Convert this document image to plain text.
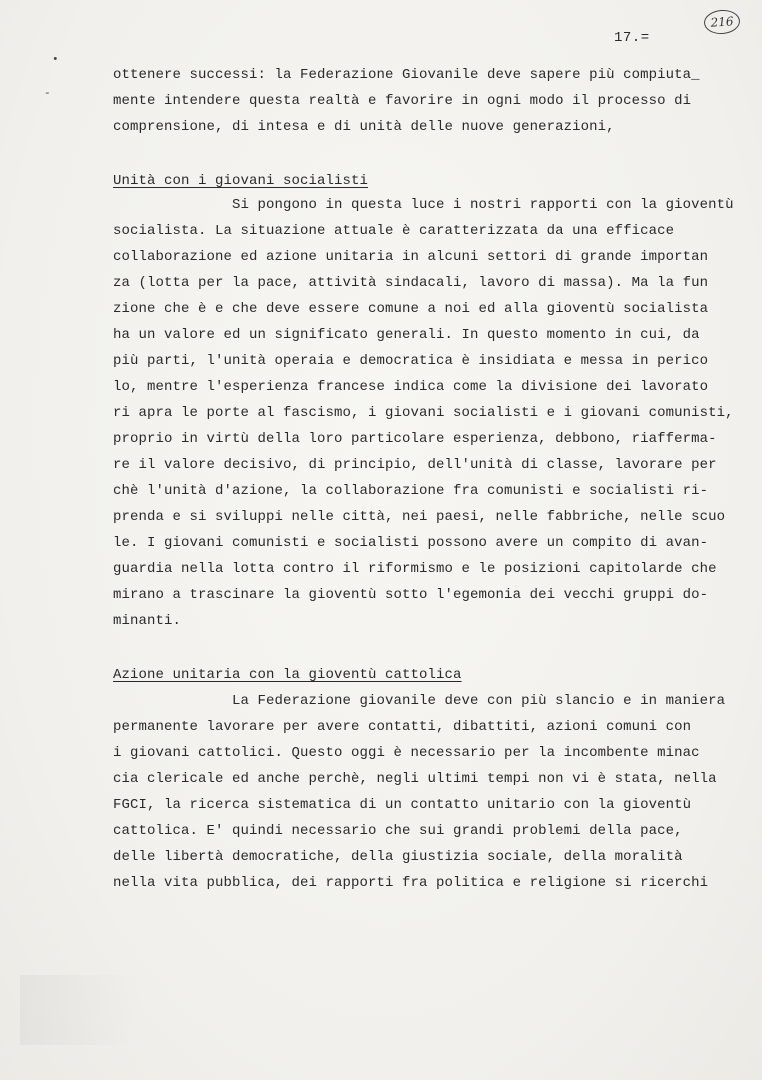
17.=
216
•
-
ottenere successi: la Federazione Giovanile deve sapere più compiuta_
mente intendere questa realtà e favorire in ogni modo il processo di
comprensione, di intesa e di unità delle nuove generazioni,
Unità con i giovani socialisti
Si pongono in questa luce i nostri rapporti con la gioventù
socialista. La situazione attuale è caratterizzata da una efficace
collaborazione ed azione unitaria in alcuni settori di grande importan
za (lotta per la pace, attività sindacali, lavoro di massa). Ma la fun
zione che è e che deve essere comune a noi ed alla gioventù socialista
ha un valore ed un significato generali. In questo momento in cui, da
più parti, l'unità operaia e democratica è insidiata e messa in perico
lo, mentre l'esperienza francese indica come la divisione dei lavorato
ri apra le porte al fascismo, i giovani socialisti e i giovani comunisti,
proprio in virtù della loro particolare esperienza, debbono, riafferma-
re il valore decisivo, di principio, dell'unità di classe, lavorare per
chè l'unità d'azione, la collaborazione fra comunisti e socialisti ri-
prenda e si sviluppi nelle città, nei paesi, nelle fabbriche, nelle scuo
le. I giovani comunisti e socialisti possono avere un compito di avan-
guardia nella lotta contro il riformismo e le posizioni capitolarde che
mirano a trascinare la gioventù sotto l'egemonia dei vecchi gruppi do-
minanti.
Azione unitaria con la gioventù cattolica
La Federazione giovanile deve con più slancio e in maniera
permanente lavorare per avere contatti, dibattiti, azioni comuni con
i giovani cattolici. Questo oggi è necessario per la incombente minac
cia clericale ed anche perchè, negli ultimi tempi non vi è stata, nella
FGCI, la ricerca sistematica di un contatto unitario con la gioventù
cattolica. E' quindi necessario che sui grandi problemi della pace,
delle libertà democratiche, della giustizia sociale, della moralità
nella vita pubblica, dei rapporti fra politica e religione si ricerchi
